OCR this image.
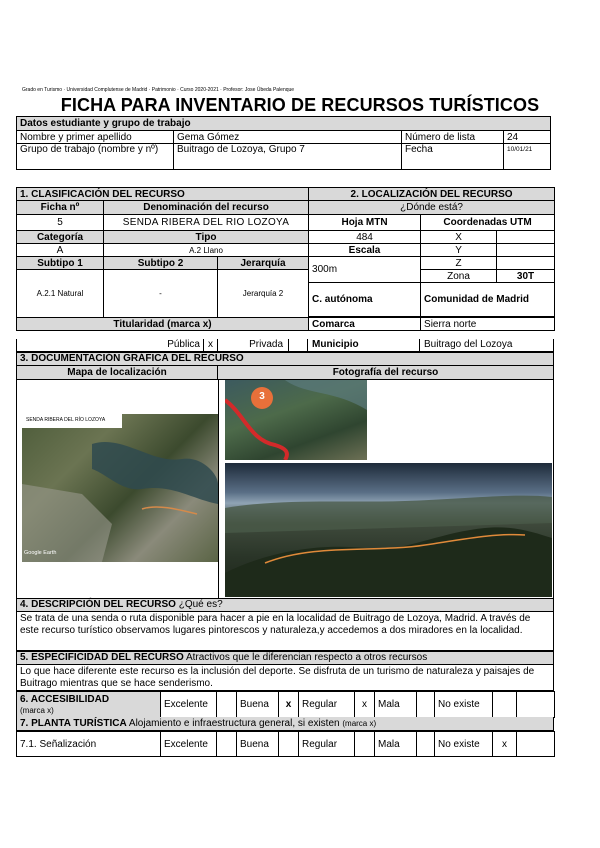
Grado en Turismo · Universidad Complutense de Madrid · Patrimonio · Curso 2020-2021 · Profesor: Jose Úbeda Palenque
FICHA PARA INVENTARIO DE RECURSOS TURÍSTICOS
Datos estudiante y grupo de trabajo			
Nombre y primer apellido	Gema Gómez	Número de lista	24
Grupo de trabajo (nombre y nº)	Buitrago de Lozoya, Grupo 7	Fecha	10/01/21
1. CLASIFICACIÓN DEL RECURSO			2. LOCALIZACIÓN DEL RECURSO		
Ficha nº	Denominación del recurso		¿Dónde está?		
5	SENDA RIBERA DEL RIO LOZOYA		Hoja MTN	Coordenadas UTM	
Categoría	Tipo		484	X	
A	A.2 Llano		Escala	Y	
Subtipo 1	Subtipo 2	Jerarquía	300m	Z	
A.2.1 Natural	-	Jerarquía 2		Zona	30T
			C. autónoma	Comunidad de Madrid	

Titularidad (marca x)			Comarca	Sierra norte	
Pública x	Privada	Municipio	Buitrago del Lozoya
3. DOCUMENTACIÓN GRÁFICA DEL RECURSO
Mapa de localización	Fotografía del recurso
SENDA RIBERA DEL RÍO LOZOYA
Google Earth
3
4. DESCRIPCIÓN DEL RECURSO ¿Qué es?
Se trata de una senda o ruta disponible para hacer a pie en la localidad de Buitrago de Lozoya, Madrid. A través de este recurso turístico observamos lugares pintorescos y naturaleza,y accedemos a dos miradores en la localidad.
5. ESPECIFICIDAD DEL RECURSO Atractivos que le diferencian respecto a otros recursos
Lo que hace diferente este recurso es la inclusión del deporte. Se disfruta de un turismo de naturaleza y paisajes de Buitrago mientras que se hace senderismo.
6. ACCESIBILIDAD
(marca x)	Excelente		Buena	x	Regular	x	Mala		No existe		
7. PLANTA TURÍSTICA Alojamiento e infraestructura general, si existen (marca x)
7.1. Señalización	Excelente		Buena		Regular		Mala		No existe	x	
